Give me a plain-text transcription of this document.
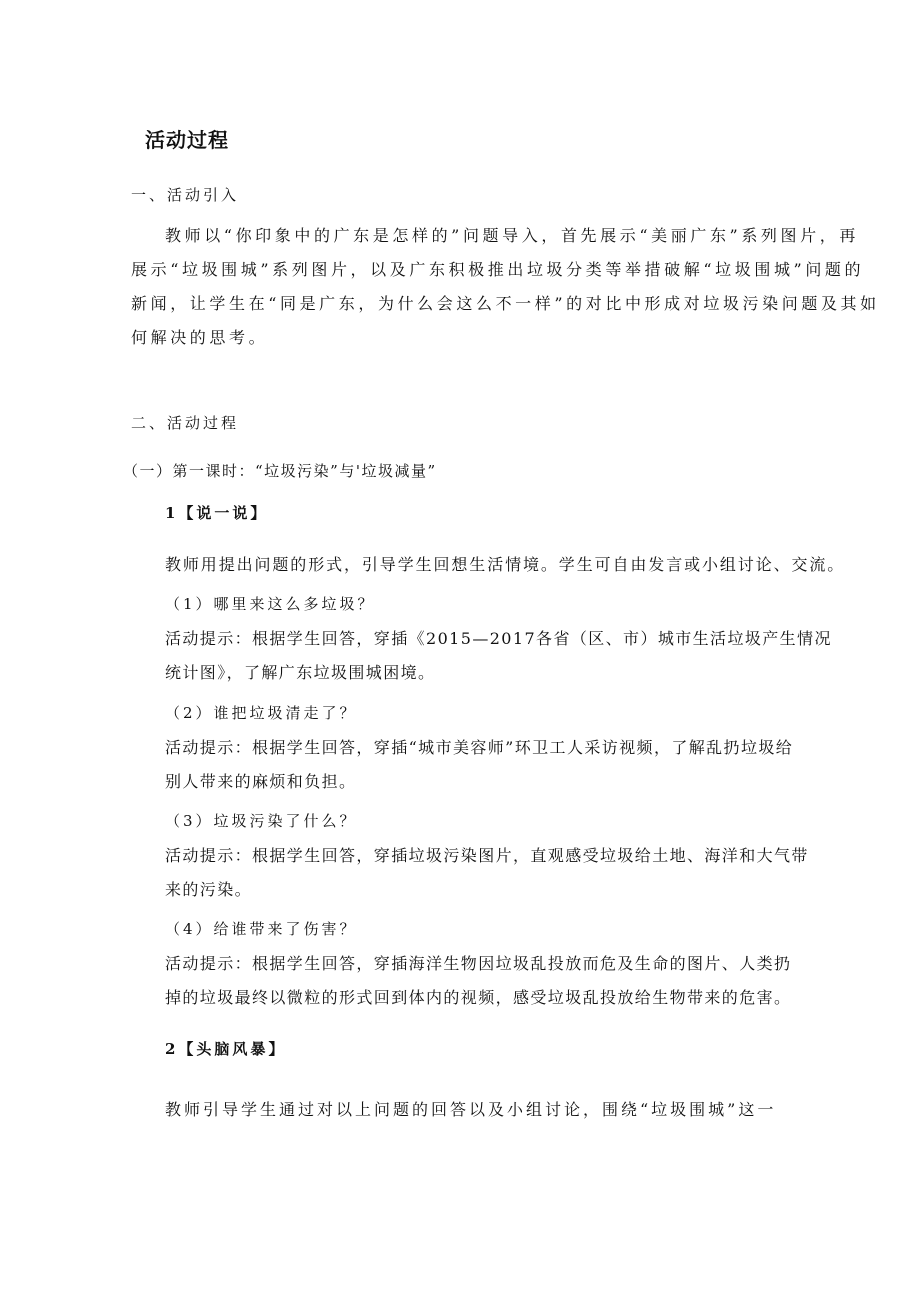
活动过程
一、活动引入
教师以“你印象中的广东是怎样的”问题导入，首先展示“美丽广东”系列图片，再
展示“垃圾围城”系列图片，以及广东积极推出垃圾分类等举措破解“垃圾围城”问题的
新闻，让学生在“同是广东，为什么会这么不一样”的对比中形成对垃圾污染问题及其如
何解决的思考。
二、活动过程
（一）第一课时：“垃圾污染”与'垃圾减量”
1【说一说】
教师用提出问题的形式，引导学生回想生活情境。学生可自由发言或小组讨论、交流。
（1）哪里来这么多垃圾？
活动提示：根据学生回答，穿插《2015—2017各省（区、市）城市生活垃圾产生情况
统计图》，了解广东垃圾围城困境。
（2）谁把垃圾清走了？
活动提示：根据学生回答，穿插“城市美容师”环卫工人采访视频，了解乱扔垃圾给
别人带来的麻烦和负担。
（3）垃圾污染了什么？
活动提示：根据学生回答，穿插垃圾污染图片，直观感受垃圾给土地、海洋和大气带
来的污染。
（4）给谁带来了伤害？
活动提示：根据学生回答，穿插海洋生物因垃圾乱投放而危及生命的图片、人类扔
掉的垃圾最终以微粒的形式回到体内的视频，感受垃圾乱投放给生物带来的危害。
2【头脑风暴】
教师引导学生通过对以上问题的回答以及小组讨论，围绕“垃圾围城”这一
